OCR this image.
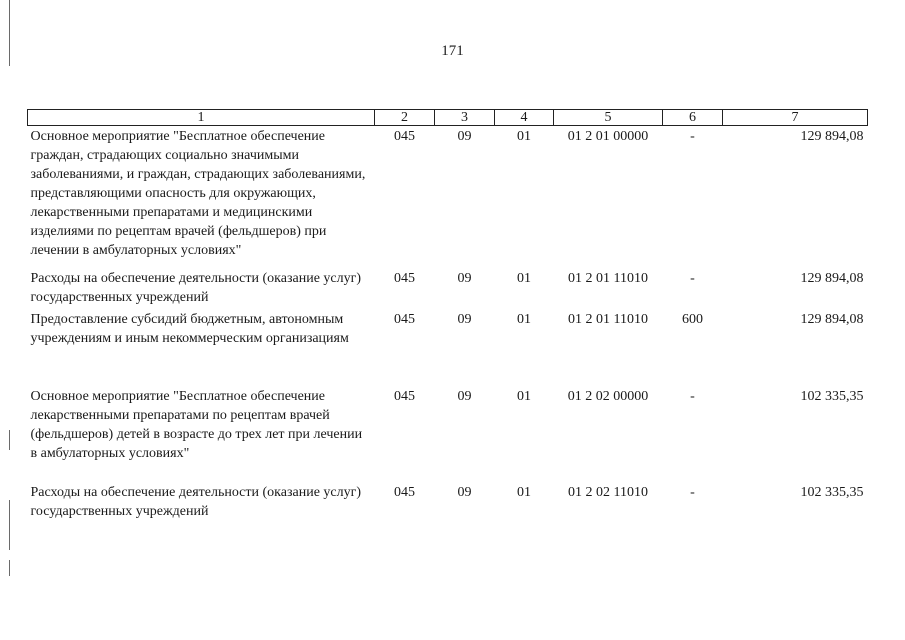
171
1	2	3	4	5	6	7
Основное мероприятие "Бесплатное обеспечение граждан, страдающих социально значимыми заболеваниями, и граждан, страдающих заболеваниями, представляющими опасность для окружающих, лекарственными препаратами и медицинскими изделиями по рецептам врачей (фельдшеров) при лечении в амбулаторных условиях"	045	09	01	01 2 01 00000	-	129 894,08
Расходы на обеспечение деятельности (оказание услуг) государственных учреждений	045	09	01	01 2 01 11010	-	129 894,08
Предоставление субсидий бюджетным, автономным учреждениям и иным некоммерческим организациям	045	09	01	01 2 01 11010	600	129 894,08
Основное мероприятие "Бесплатное обеспечение лекарственными препаратами по рецептам врачей (фельдшеров) детей в возрасте до трех лет при лечении в амбулаторных условиях"	045	09	01	01 2 02 00000	-	102 335,35
Расходы на обеспечение деятельности (оказание услуг) государственных учреждений	045	09	01	01 2 02 11010	-	102 335,35
